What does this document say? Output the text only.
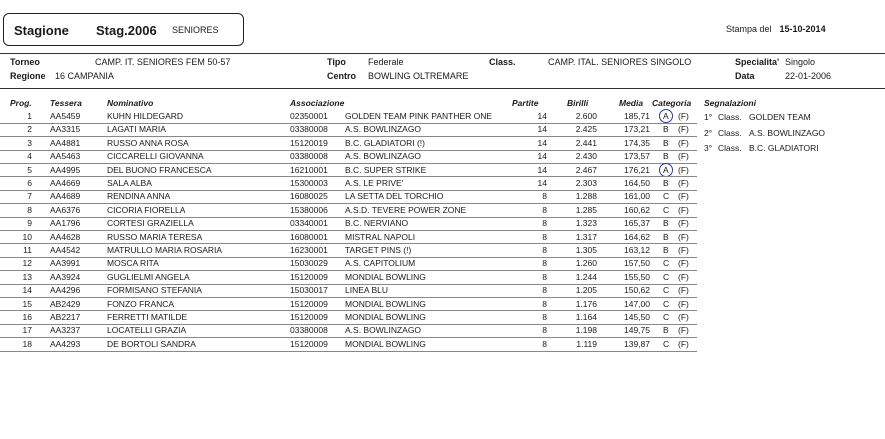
Stagione Stag.2006 SENIORES	Stampa del 15-10-2014
Torneo	CAMP. IT. SENIORES FEM 50-57
Regione 16 CAMPANIA
Tipo Federale
Centro BOWLING OLTREMARE
Class.	CAMP. ITAL. SENIORES SINGOLO	Specialita' Singolo
Data	22-01-2006
Prog. Tessera	Nominativo	Associazione	Partite	Birilli	Media Categoria Segnalazioni
1 AA5459	KUHN HILDEGARD	02350001 GOLDEN TEAM PINK PANTHER ONE	14	2.600	185,71 A (F)
2 AA3315	LAGATI MARIA	03380008 A.S. BOWLINZAGO	14	2.425	173,21 B (F)
3 AA4881	RUSSO ANNA ROSA	15120019 B.C. GLADIATORI (!)	14	2.441	174,35 B (F)
4 AA5463	CICCARELLI GIOVANNA	03380008 A.S. BOWLINZAGO	14	2.430	173,57 B (F)
5 AA4995	DEL BUONO FRANCESCA	16210001 B.C. SUPER STRIKE	14	2.467	176,21 A (F)
6 AA4669	SALA ALBA	15300003 A.S. LE PRIVE'	14	2.303	164,50 B (F)
7 AA4689	RENDINA ANNA	16080025 LA SETTA DEL TORCHIO	8	1.288	161,00 C (F)
8 AA6376	CICORIA FIORELLA	15380006 A.S.D. TEVERE POWER ZONE	8	1.285	160,62 C (F)
9 AA1796	CORTESI GRAZIELLA	03340001 B.C. NERVIANO	8	1.323	165,37 B (F)
10 AA4628	RUSSO MARIA TERESA	16080001 MISTRAL NAPOLI	8	1.317	164,62 B (F)
11 AA4542	MATRULLO MARIA ROSARIA	16230001 TARGET PINS (!)	8	1.305	163,12 B (F)
12 AA3991	MOSCA RITA	15030029 A.S. CAPITOLIUM	8	1.260	157,50 C (F)
13 AA3924	GUGLIELMI ANGELA	15120009 MONDIAL BOWLING	8	1.244	155,50 C (F)
14 AA4296	FORMISANO STEFANIA	15030017 LINEA BLU	8	1.205	150,62 C (F)
15 AB2429	FONZO FRANCA	15120009 MONDIAL BOWLING	8	1.176	147,00 C (F)
16 AB2217	FERRETTI MATILDE	15120009 MONDIAL BOWLING	8	1.164	145,50 C (F)
17 AA3237	LOCATELLI GRAZIA	03380008 A.S. BOWLINZAGO	8	1.198	149,75 B (F)
18 AA4293	DE BORTOLI SANDRA	15120009 MONDIAL BOWLING	8	1.119	139,87 C (F)
1° Class. GOLDEN TEAM
2° Class. A.S. BOWLINZAGO
3° Class. B.C. GLADIATORI
